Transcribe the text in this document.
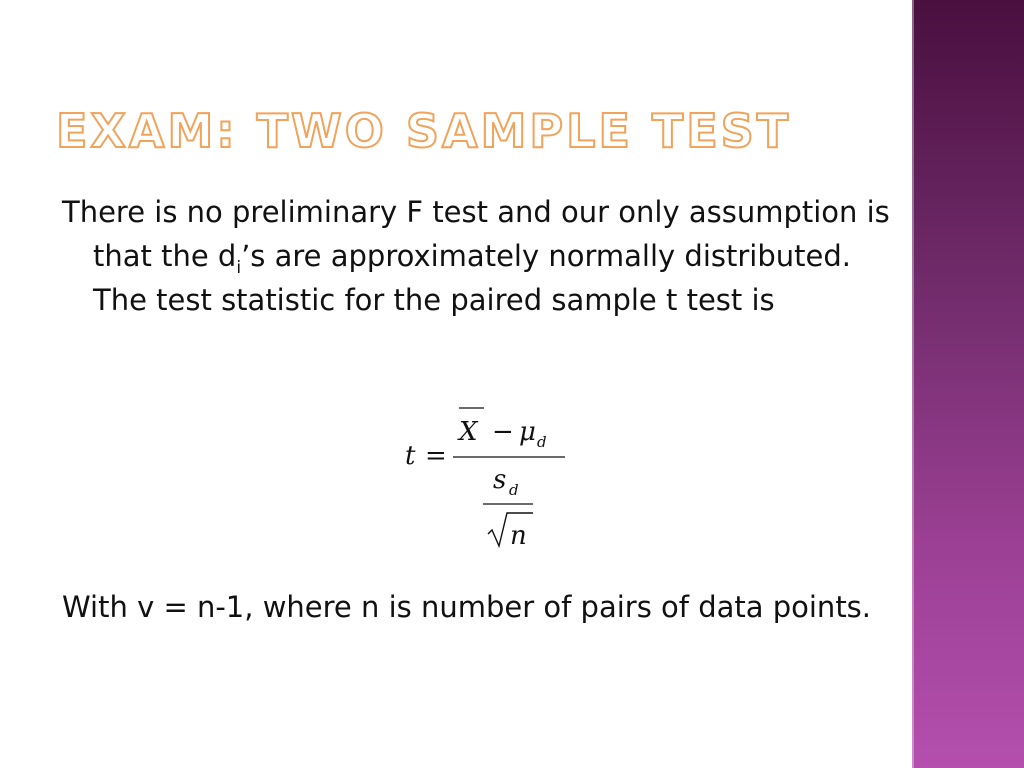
EXAM: TWO SAMPLE TEST

There is no preliminary F test and our only assumption is that the $d_i’s$ are approximately normally distributed. The test statistic for the paired sample t test is

t =
X − μ d
s d
n

With v = n-1, where n is number of pairs of data points.
